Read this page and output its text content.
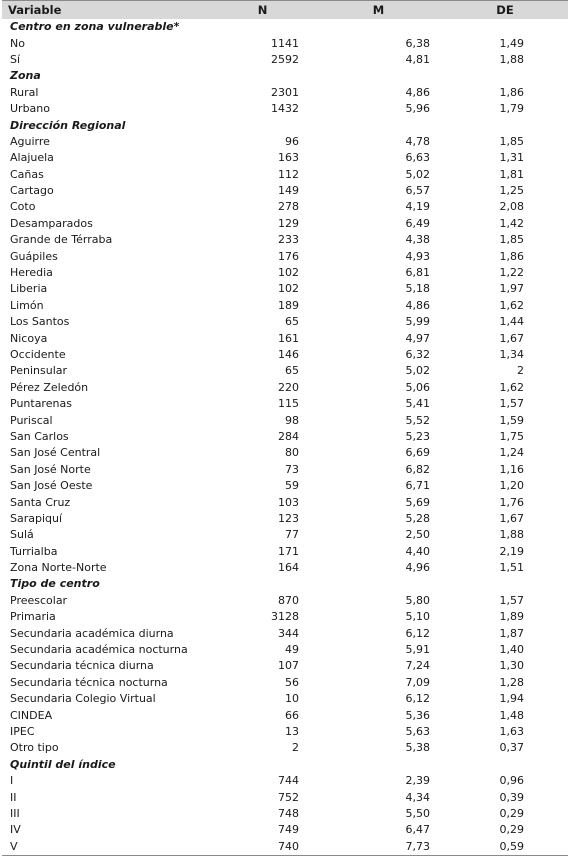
Variable	N	M	DE
Centro en zona vulnerable*			
No	1141	6,38	1,49
Sí	2592	4,81	1,88
Zona			
Rural	2301	4,86	1,86
Urbano	1432	5,96	1,79
Dirección Regional			
Aguirre	96	4,78	1,85
Alajuela	163	6,63	1,31
Cañas	112	5,02	1,81
Cartago	149	6,57	1,25
Coto	278	4,19	2,08
Desamparados	129	6,49	1,42
Grande de Térraba	233	4,38	1,85
Guápiles	176	4,93	1,86
Heredia	102	6,81	1,22
Liberia	102	5,18	1,97
Limón	189	4,86	1,62
Los Santos	65	5,99	1,44
Nicoya	161	4,97	1,67
Occidente	146	6,32	1,34
Peninsular	65	5,02	2
Pérez Zeledón	220	5,06	1,62
Puntarenas	115	5,41	1,57
Puriscal	98	5,52	1,59
San Carlos	284	5,23	1,75
San José Central	80	6,69	1,24
San José Norte	73	6,82	1,16
San José Oeste	59	6,71	1,20
Santa Cruz	103	5,69	1,76
Sarapiquí	123	5,28	1,67
Sulá	77	2,50	1,88
Turrialba	171	4,40	2,19
Zona Norte-Norte	164	4,96	1,51
Tipo de centro			
Preescolar	870	5,80	1,57
Primaria	3128	5,10	1,89
Secundaria académica diurna	344	6,12	1,87
Secundaria académica nocturna	49	5,91	1,40
Secundaria técnica diurna	107	7,24	1,30
Secundaria técnica nocturna	56	7,09	1,28
Secundaria Colegio Virtual	10	6,12	1,94
CINDEA	66	5,36	1,48
IPEC	13	5,63	1,63
Otro tipo	2	5,38	0,37
Quintil del índice			
I	744	2,39	0,96
II	752	4,34	0,39
III	748	5,50	0,29
IV	749	6,47	0,29
V	740	7,73	0,59
